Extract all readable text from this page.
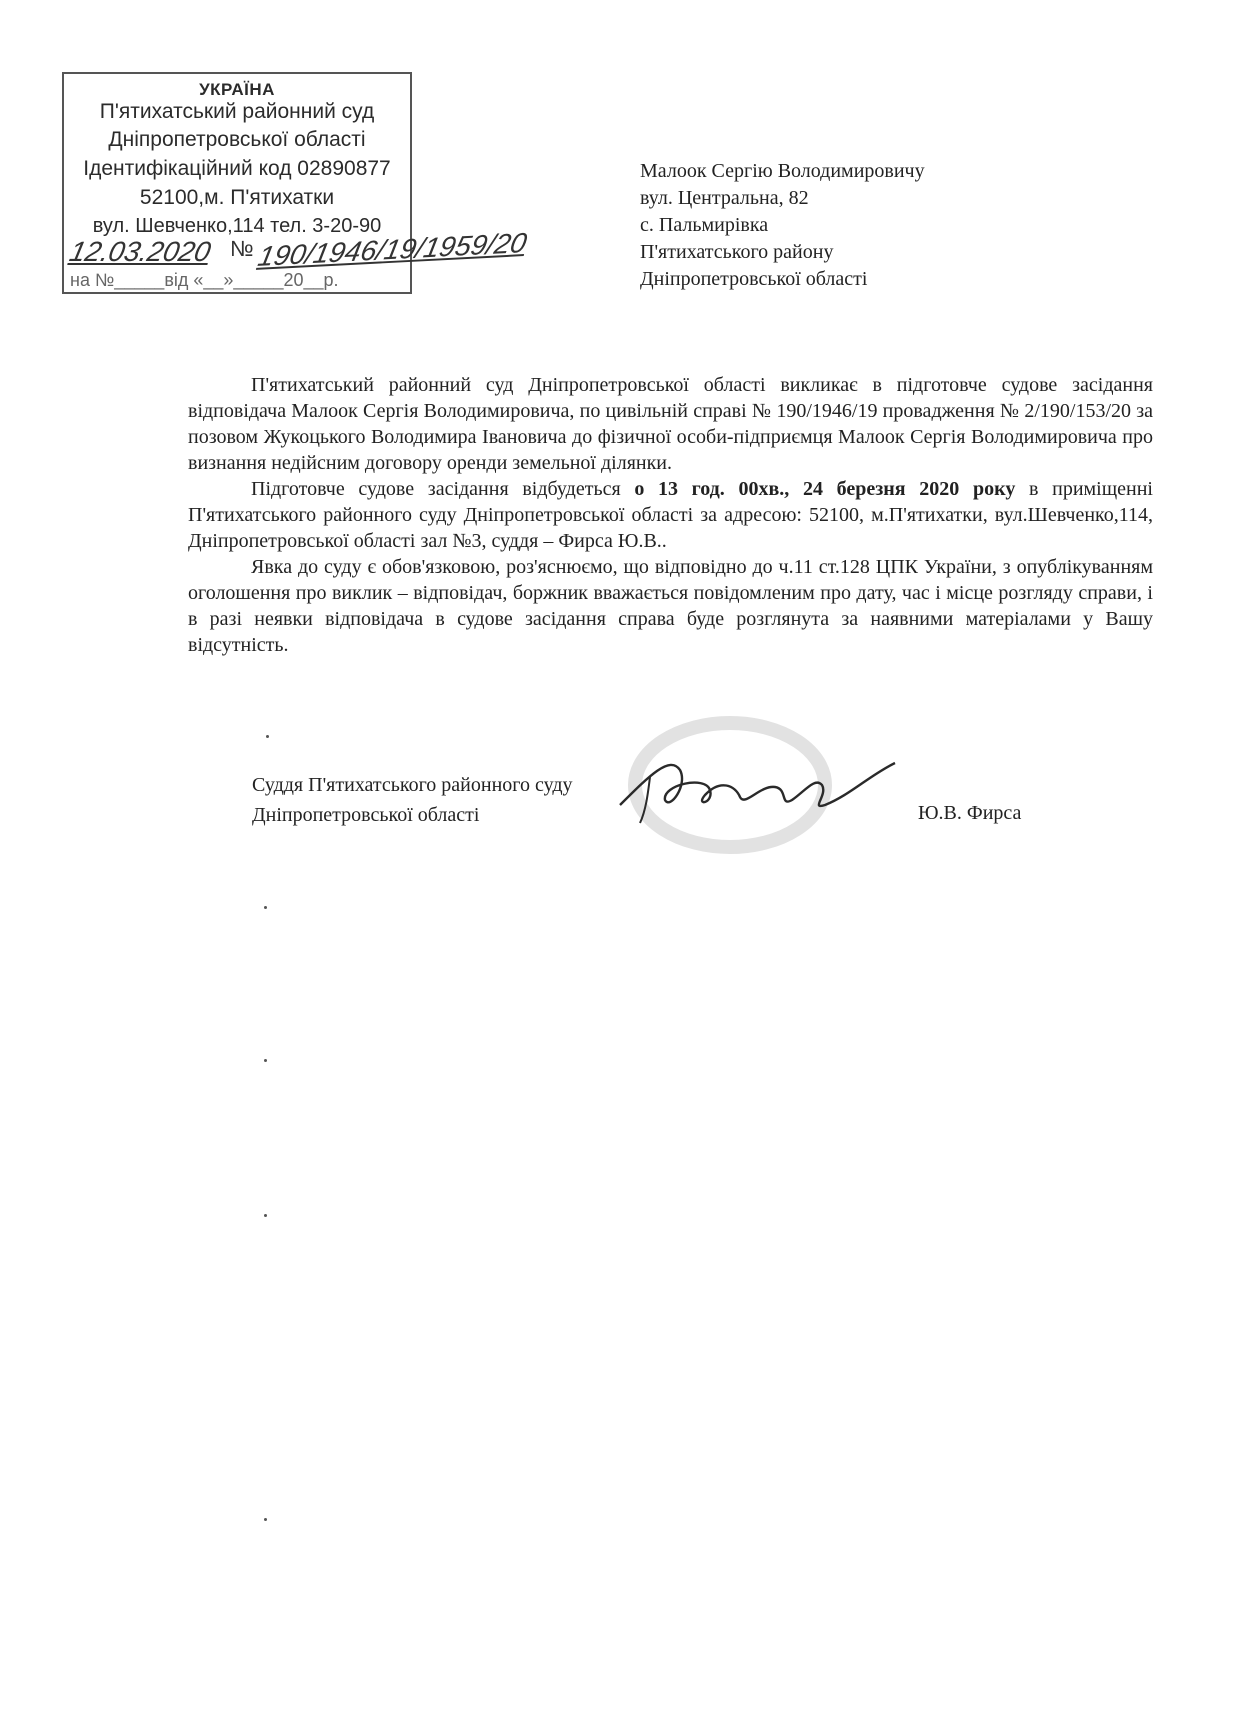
УКРАЇНА
П'ятихатський районний суд
Дніпропетровської області
Ідентифікаційний код 02890877
52100,м. П'ятихатки
вул. Шевченко,114 тел. 3-20-90
12.03.2020 № 190/1946/19/1959/20
на №_____від «__»_____20__р.
Малоок Сергію Володимировичу
вул. Центральна, 82
с. Пальмирівка
П'ятихатського району
Дніпропетровської області

П'ятихатський районний суд Дніпропетровської області викликає в підготовче судове засідання відповідача Малоок Сергія Володимировича, по цивільній справі № 190/1946/19 провадження № 2/190/153/20 за позовом Жукоцького Володимира Івановича до фізичної особи-підприємця Малоок Сергія Володимировича про визнання недійсним договору оренди земельної ділянки.

Підготовче судове засідання відбудеться о 13 год. 00хв., 24 березня 2020 року в приміщенні П'ятихатського районного суду Дніпропетровської області за адресою: 52100, м.П'ятихатки, вул.Шевченко,114, Дніпропетровської області зал №3, суддя – Фирса Ю.В..

Явка до суду є обов'язковою, роз'яснюємо, що відповідно до ч.11 ст.128 ЦПК України, з опублікуванням оголошення про виклик – відповідач, боржник вважається повідомленим про дату, час і місце розгляду справи, і в разі неявки відповідача в судове засідання справа буде розглянута за наявними матеріалами у Вашу відсутність.

Суддя П'ятихатського районного суду
Дніпропетровської області	Ю.В. Фирса
